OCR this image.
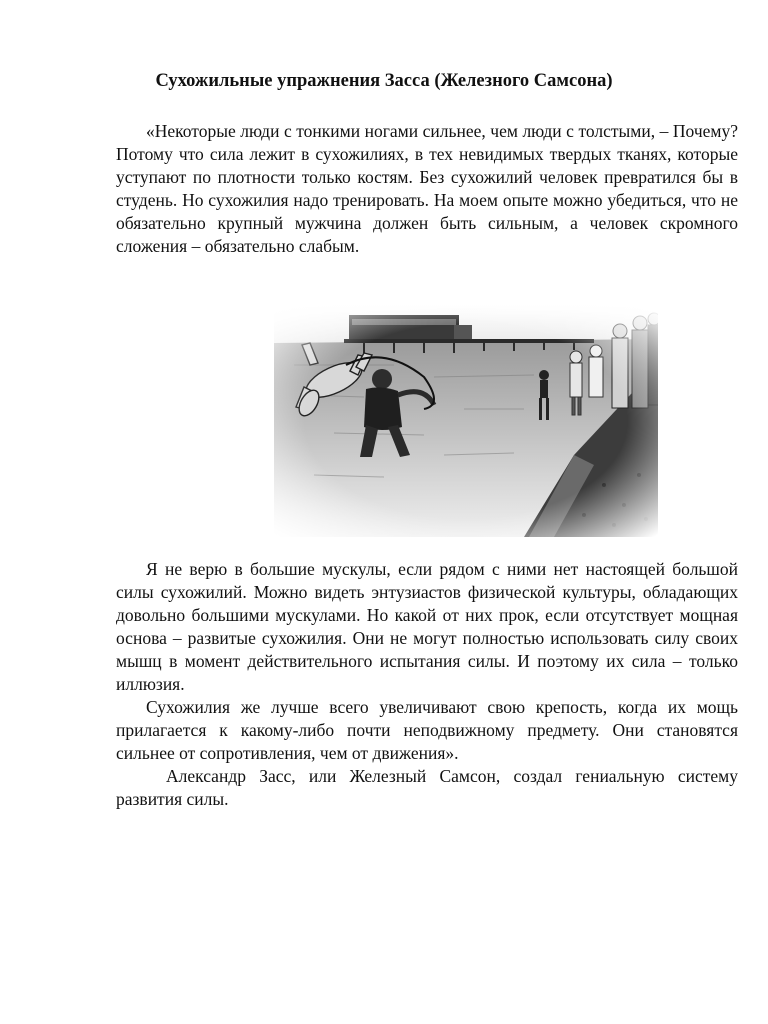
Сухожильные упражнения Засса (Железного Самсона)

«Некоторые люди с тонкими ногами сильнее, чем люди с толстыми, – Почему? Потому что сила лежит в сухожилиях, в тех невидимых твердых тканях, которые уступают по плотности только костям. Без сухожилий человек превратился бы в студень. Но сухожилия надо тренировать. На моем опыте можно убедиться, что не обязательно крупный мужчина должен быть сильным, а человек скромного сложения – обязательно слабым.

Я не верю в большие мускулы, если рядом с ними нет настоящей большой силы сухожилий. Можно видеть энтузиастов физической культуры, обладающих довольно большими мускулами. Но какой от них прок, если отсутствует мощная основа – развитые сухожилия. Они не могут полностью использовать силу своих мышц в момент действительного испытания силы. И поэтому их сила – только иллюзия.

Сухожилия же лучше всего увеличивают свою крепость, когда их мощь прилагается к какому-либо почти неподвижному предмету. Они становятся сильнее от сопротивления, чем от движения».

Александр Засс, или Железный Самсон, создал гениальную систему развития силы.
